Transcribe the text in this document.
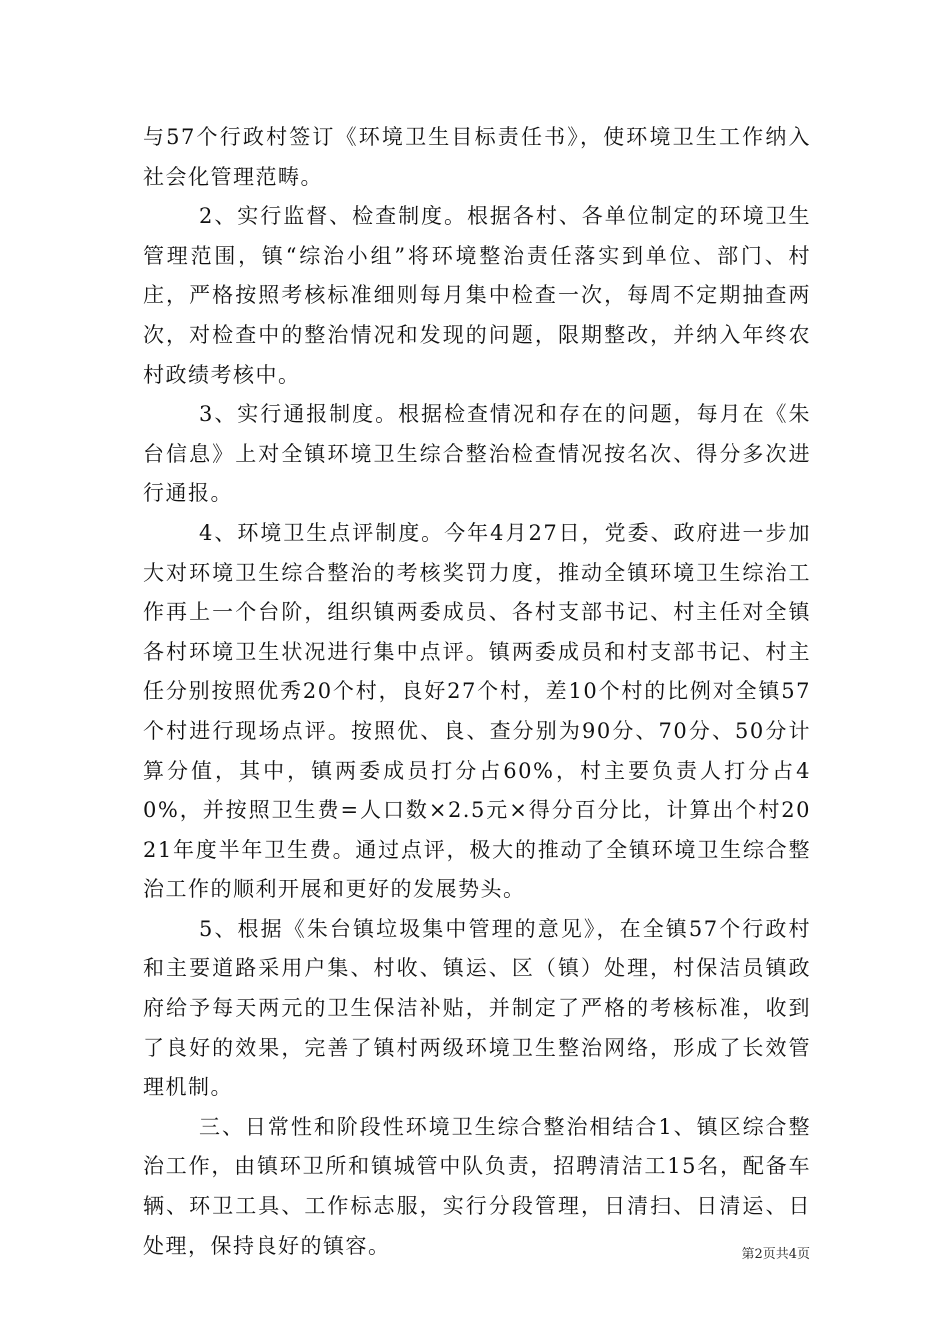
与57个行政村签订《环境卫生目标责任书》，使环境卫生工作纳入社会化管理范畴。

2、实行监督、检查制度。根据各村、各单位制定的环境卫生管理范围，镇“综治小组”将环境整治责任落实到单位、部门、村庄，严格按照考核标准细则每月集中检查一次，每周不定期抽查两次，对检查中的整治情况和发现的问题，限期整改，并纳入年终农村政绩考核中。

3、实行通报制度。根据检查情况和存在的问题，每月在《朱台信息》上对全镇环境卫生综合整治检查情况按名次、得分多次进行通报。

4、环境卫生点评制度。今年4月27日，党委、政府进一步加大对环境卫生综合整治的考核奖罚力度，推动全镇环境卫生综治工作再上一个台阶，组织镇两委成员、各村支部书记、村主任对全镇各村环境卫生状况进行集中点评。镇两委成员和村支部书记、村主任分别按照优秀20个村，良好27个村，差10个村的比例对全镇57个村进行现场点评。按照优、良、查分别为90分、70分、50分计算分值，其中，镇两委成员打分占60%，村主要负责人打分占40%，并按照卫生费=人口数×2.5元×得分百分比，计算出个村2021年度半年卫生费。通过点评，极大的推动了全镇环境卫生综合整治工作的顺利开展和更好的发展势头。

5、根据《朱台镇垃圾集中管理的意见》，在全镇57个行政村和主要道路采用户集、村收、镇运、区（镇）处理，村保洁员镇政府给予每天两元的卫生保洁补贴，并制定了严格的考核标准，收到了良好的效果，完善了镇村两级环境卫生整治网络，形成了长效管理机制。

三、日常性和阶段性环境卫生综合整治相结合1、镇区综合整治工作，由镇环卫所和镇城管中队负责，招聘清洁工15名，配备车辆、环卫工具、工作标志服，实行分段管理，日清扫、日清运、日处理，保持良好的镇容。	第2页共4页
